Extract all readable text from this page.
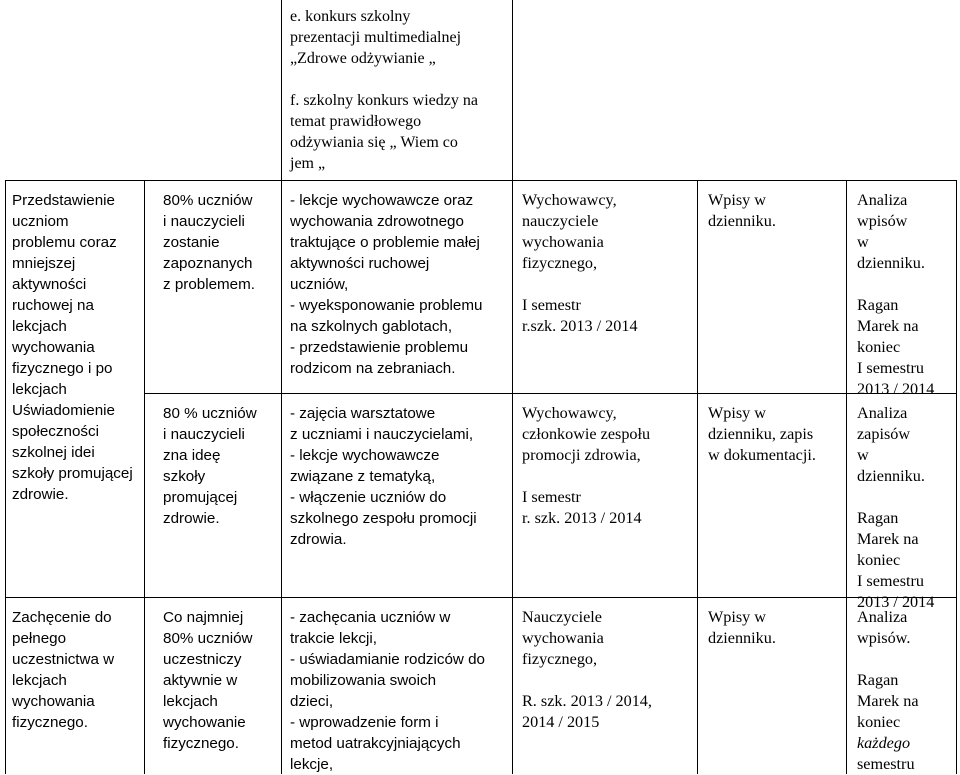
e. konkurs szkolny
prezentacji multimedialnej
„Zdrowe odżywianie „
f. szkolny konkurs wiedzy na
temat prawidłowego
odżywiania się „ Wiem co
jem „
Przedstawienie
uczniom
problemu coraz
mniejszej
aktywności
ruchowej na
lekcjach
wychowania
fizycznego i po
lekcjach
Uświadomienie
społeczności
szkolnej idei
szkoły promującej
zdrowie.
80% uczniów
i nauczycieli
zostanie
zapoznanych
z problemem.
- lekcje wychowawcze oraz
wychowania zdrowotnego
traktujące o problemie małej
aktywności ruchowej
uczniów,
- wyeksponowanie problemu
na szkolnych gablotach,
- przedstawienie problemu
rodzicom na zebraniach.
Wychowawcy,
nauczyciele
wychowania
fizycznego,

I semestr
r.szk. 2013 / 2014
Wpisy w
dzienniku.
Analiza
wpisów
w
dzienniku.

Ragan
Marek na
koniec
I semestru
2013 / 2014
80 % uczniów
i nauczycieli
zna ideę
szkoły
promującej
zdrowie.
- zajęcia warsztatowe
z uczniami i nauczycielami,
- lekcje wychowawcze
związane z tematyką,
- włączenie uczniów do
szkolnego zespołu promocji
zdrowia.
Wychowawcy,
członkowie zespołu
promocji zdrowia,

I semestr
r. szk. 2013 / 2014
Wpisy w
dzienniku, zapis
w dokumentacji.
Analiza
zapisów
w
dzienniku.

Ragan
Marek na
koniec
I semestru
2013 / 2014
Zachęcenie do
pełnego
uczestnictwa w
lekcjach
wychowania
fizycznego.
Co najmniej
80% uczniów
uczestniczy
aktywnie w
lekcjach
wychowanie
fizycznego.
- zachęcania uczniów w
trakcie lekcji,
- uświadamianie rodziców do
mobilizowania swoich
dzieci,
- wprowadzenie form i
metod uatrakcyjniających
lekcje,
Nauczyciele
wychowania
fizycznego,

R. szk. 2013 / 2014,
2014 / 2015
Wpisy w
dzienniku.
Analiza
wpisów.

Ragan
Marek na
koniec
każdego
semestru
